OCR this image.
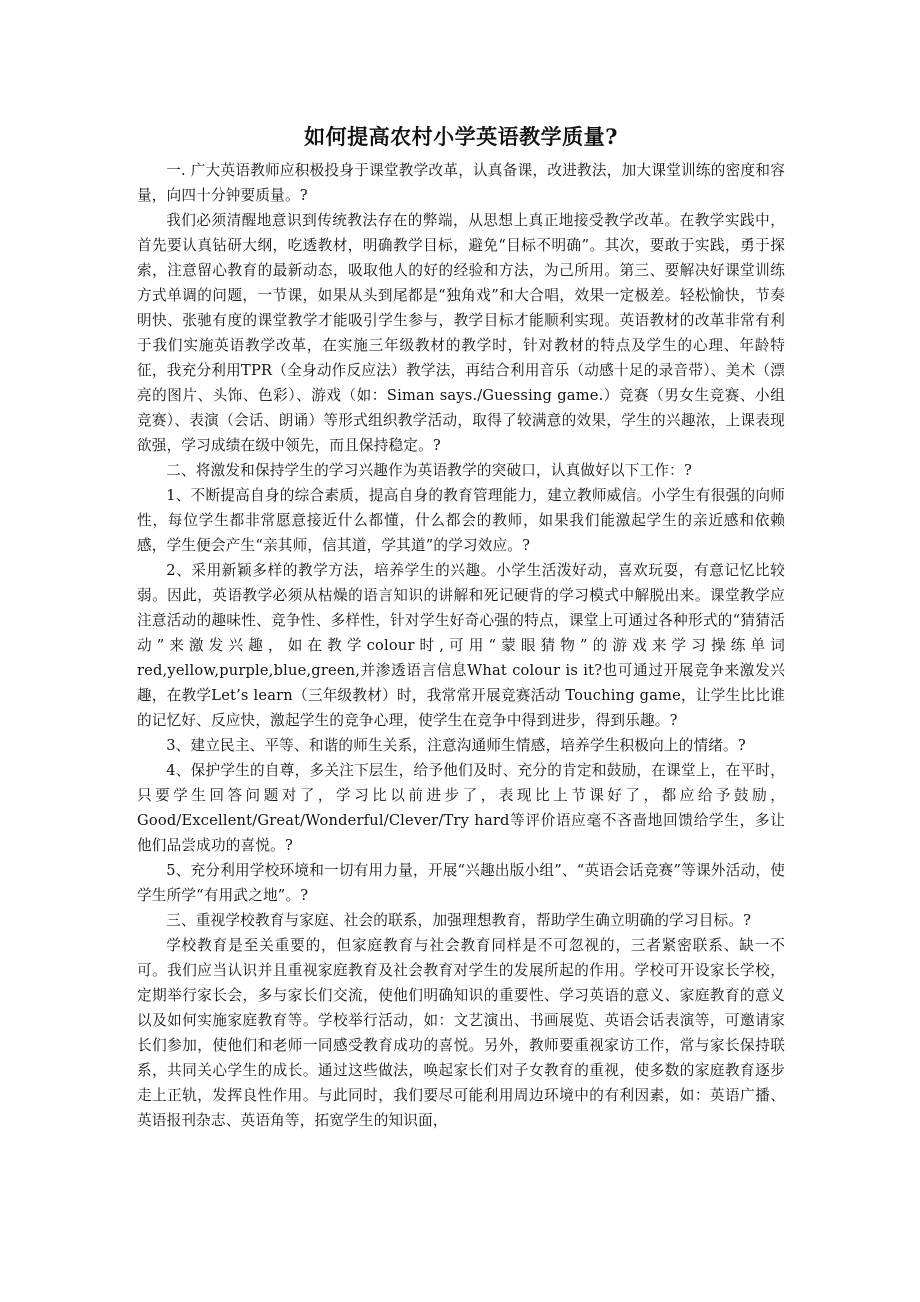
如何提高农村小学英语教学质量?

一. 广大英语教师应积极投身于课堂教学改革，认真备课，改进教法，加大课堂训练的密度和容量，向四十分钟要质量。?

我们必须清醒地意识到传统教法存在的弊端，从思想上真正地接受教学改革。在教学实践中，首先要认真钻研大纲，吃透教材，明确教学目标，避免“目标不明确”。其次，要敢于实践，勇于探索，注意留心教育的最新动态，吸取他人的好的经验和方法，为己所用。第三、要解决好课堂训练方式单调的问题，一节课，如果从头到尾都是“独角戏”和大合唱，效果一定极差。轻松愉快，节奏明快、张驰有度的课堂教学才能吸引学生参与，教学目标才能顺利实现。英语教材的改革非常有利于我们实施英语教学改革，在实施三年级教材的教学时，针对教材的特点及学生的心理、年龄特征，我充分利用TPR（全身动作反应法）教学法，再结合利用音乐（动感十足的录音带）、美术（漂亮的图片、头饰、色彩）、游戏（如：Siman says./Guessing game.）竞赛（男女生竞赛、小组竞赛）、表演（会话、朗诵）等形式组织教学活动，取得了较满意的效果，学生的兴趣浓，上课表现欲强，学习成绩在级中领先，而且保持稳定。?

二、将激发和保持学生的学习兴趣作为英语教学的突破口，认真做好以下工作：?

1、不断提高自身的综合素质，提高自身的教育管理能力，建立教师威信。小学生有很强的向师性，每位学生都非常愿意接近什么都懂，什么都会的教师，如果我们能激起学生的亲近感和依赖感，学生便会产生“亲其师，信其道，学其道”的学习效应。?

2、采用新颖多样的教学方法，培养学生的兴趣。小学生活泼好动，喜欢玩耍，有意记忆比较弱。因此，英语教学必须从枯燥的语言知识的讲解和死记硬背的学习模式中解脱出来。课堂教学应注意活动的趣味性、竞争性、多样性，针对学生好奇心强的特点，课堂上可通过各种形式的“猜猜活动”来激发兴趣，如在教学colour时,可用“蒙眼猜物”的游戏来学习操练单词red,yellow,purple,blue,green,并渗透语言信息What colour is it?也可通过开展竞争来激发兴趣，在教学Let’s learn（三年级教材）时，我常常开展竞赛活动 Touching game，让学生比比谁的记忆好、反应快，激起学生的竞争心理，使学生在竞争中得到进步，得到乐趣。?

3、建立民主、平等、和谐的师生关系，注意沟通师生情感，培养学生积极向上的情绪。?

4、保护学生的自尊，多关注下层生，给予他们及时、充分的肯定和鼓励，在课堂上，在平时，只要学生回答问题对了，学习比以前进步了，表现比上节课好了，都应给予鼓励，Good/Excellent/Great/Wonderful/Clever/Try hard等评价语应毫不吝啬地回馈给学生，多让他们品尝成功的喜悦。?

5、充分利用学校环境和一切有用力量，开展“兴趣出版小组”、“英语会话竞赛”等课外活动，使学生所学“有用武之地”。?

三、重视学校教育与家庭、社会的联系，加强理想教育，帮助学生确立明确的学习目标。?

学校教育是至关重要的，但家庭教育与社会教育同样是不可忽视的，三者紧密联系、缺一不可。我们应当认识并且重视家庭教育及社会教育对学生的发展所起的作用。学校可开设家长学校，定期举行家长会，多与家长们交流，使他们明确知识的重要性、学习英语的意义、家庭教育的意义以及如何实施家庭教育等。学校举行活动，如：文艺演出、书画展览、英语会话表演等，可邀请家长们参加，使他们和老师一同感受教育成功的喜悦。另外，教师要重视家访工作，常与家长保持联系，共同关心学生的成长。通过这些做法，唤起家长们对子女教育的重视，使多数的家庭教育逐步走上正轨，发挥良性作用。与此同时，我们要尽可能利用周边环境中的有利因素，如：英语广播、英语报刊杂志、英语角等，拓宽学生的知识面，
